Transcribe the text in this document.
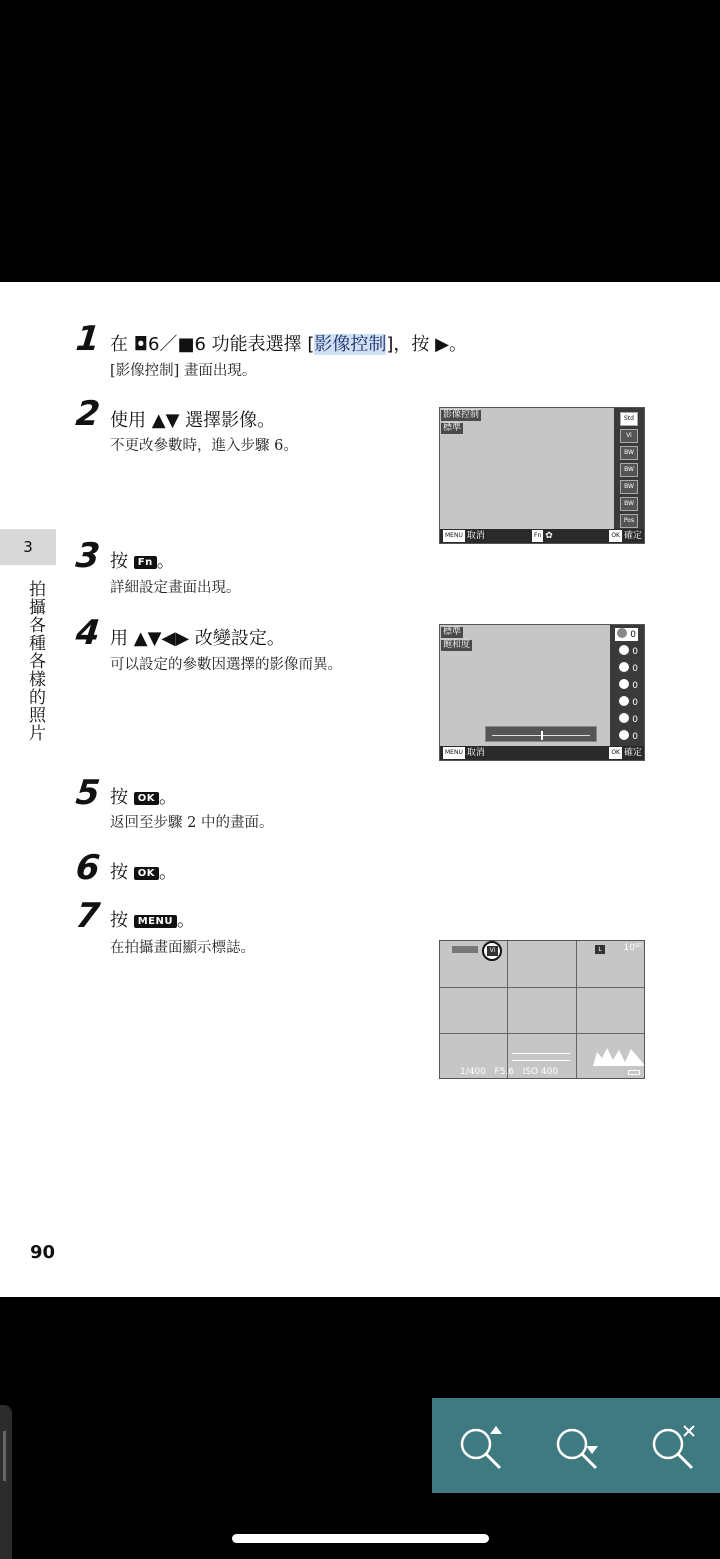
3
拍攝各種各樣的照片
1 在 ◘6／■6 功能表選擇 [影像控制]，按 ▶。
[影像控制] 畫面出現。
2 使用 ▲▼ 選擇影像。
不更改參數時，進入步驟 6。
3 按 Fn 。
詳細設定畫面出現。
4 用 ▲▼◀▶ 改變設定。
可以設定的參數因選擇的影像而異。
5 按 OK 。
返回至步驟 2 中的畫面。
6 按 OK 。
7 按 MENU 。
在拍攝畫面顯示標誌。
影像控制
標準
Std
Vi
BW
BW
BW
BW
Pos
MENU 取消	Fn ✿	OK 確定
標準
飽和度
0
0
0
0
0
0
0
MENU 取消	OK 確定
Vi	L	$10^{SD}$
1/400 F5.6 ISO 400
90
